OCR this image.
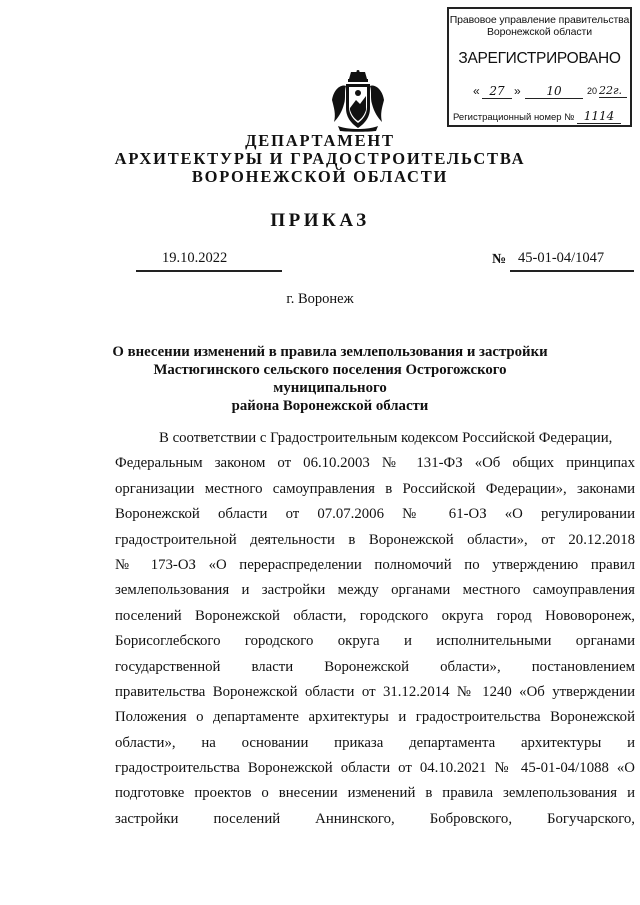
Правовое управление правительства
Воронежской области
ЗАРЕГИСТРИРОВАНО
« 27 »	10	20 22г.
Регистрационный номер № 1114
ДЕПАРТАМЕНТ
АРХИТЕКТУРЫ И ГРАДОСТРОИТЕЛЬСТВА
ВОРОНЕЖСКОЙ ОБЛАСТИ
ПРИКАЗ
19.10.2022	№ 45-01-04/1047
г. Воронеж
О внесении изменений в правила землепользования и застройки
Мастюгинского сельского поселения Острогожского муниципального
района Воронежской области
В соответствии с Градостроительным кодексом Российской Федерации,
Федеральным законом от 06.10.2003 № 131-ФЗ «Об общих принципах
организации местного самоуправления в Российской Федерации», законами
Воронежской области от 07.07.2006 № 61-ОЗ «О регулировании
градостроительной деятельности в Воронежской области», от 20.12.2018
№ 173-ОЗ «О перераспределении полномочий по утверждению правил
землепользования и застройки между органами местного самоуправления
поселений Воронежской области, городского округа город Нововоронеж,
Борисоглебского городского округа и исполнительными органами
государственной власти Воронежской области», постановлением
правительства Воронежской области от 31.12.2014 № 1240 «Об утверждении
Положения о департаменте архитектуры и градостроительства Воронежской
области», на основании приказа департамента архитектуры и
градостроительства Воронежской области от 04.10.2021 № 45-01-04/1088 «О
подготовке проектов о внесении изменений в правила землепользования и
застройки поселений Аннинского, Бобровского, Богучарского,
